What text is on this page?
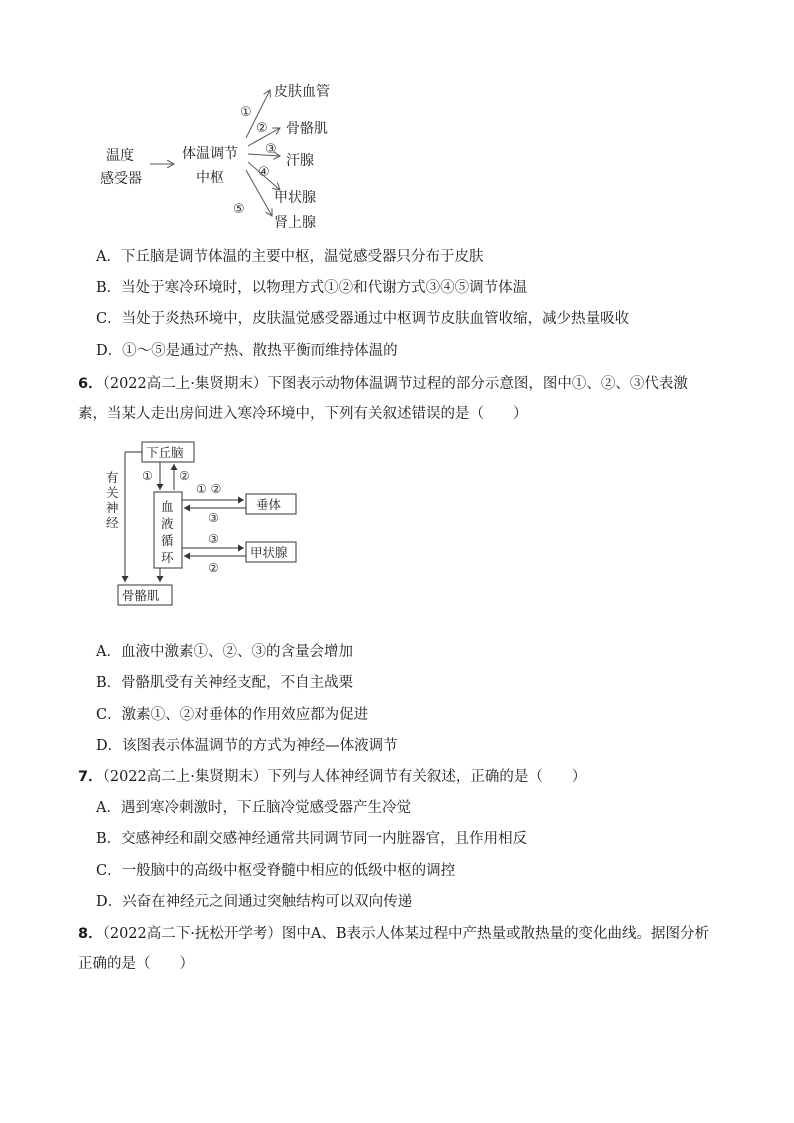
温度
感受器
体温调节
中枢
①
②
③
④
⑤
皮肤血管
骨骼肌
汗腺
甲状腺
肾上腺
A．下丘脑是调节体温的主要中枢，温觉感受器只分布于皮肤
B．当处于寒冷环境时，以物理方式①②和代谢方式③④⑤调节体温
C．当处于炎热环境中，皮肤温觉感受器通过中枢调节皮肤血管收缩，减少热量吸收
D．①～⑤是通过产热、散热平衡而维持体温的
6．（2022高二上·集贤期末）下图表示动物体温调节过程的部分示意图，图中①、②、③代表激
素，当某人走出房间进入寒冷环境中，下列有关叙述错误的是（　　）
下丘脑
有
关
神
经
① ②
血
液
循
环
垂体
① ②
③
甲状腺
③
②
骨骼肌
A．血液中激素①、②、③的含量会增加
B．骨骼肌受有关神经支配，不自主战栗
C．激素①、②对垂体的作用效应都为促进
D．该图表示体温调节的方式为神经—体液调节
7．（2022高二上·集贤期末）下列与人体神经调节有关叙述，正确的是（　　）
A．遇到寒冷刺激时，下丘脑冷觉感受器产生冷觉
B．交感神经和副交感神经通常共同调节同一内脏器官，且作用相反
C．一般脑中的高级中枢受脊髓中相应的低级中枢的调控
D．兴奋在神经元之间通过突触结构可以双向传递
8．（2022高二下·抚松开学考）图中A、B表示人体某过程中产热量或散热量的变化曲线。据图分析
正确的是（　　）
